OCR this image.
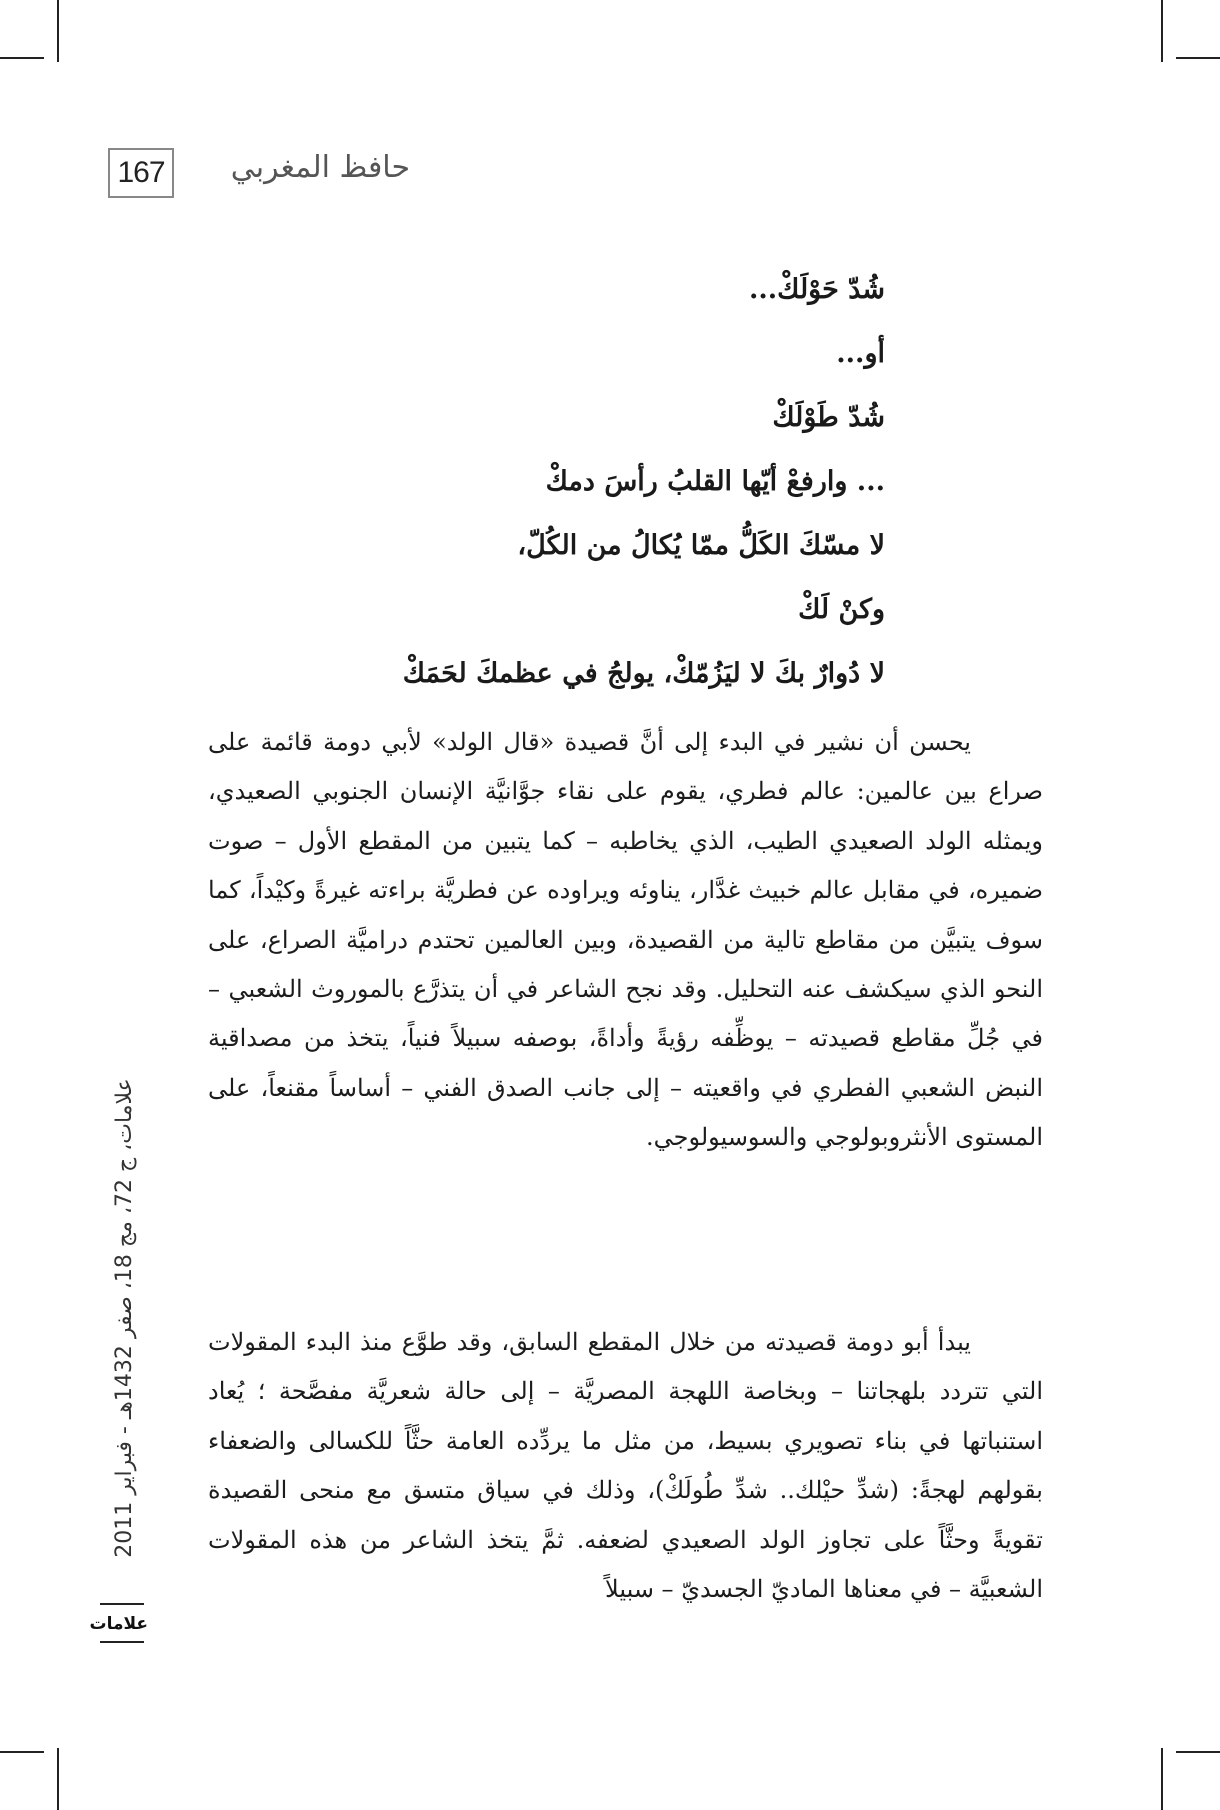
167	حافظ المغربي
شُدّ حَوْلَكْ...
أو...
شُدّ طَوْلَكْ
... وارفعْ أيّها القلبُ رأسَ دمكْ
لا مسّكَ الكَلُّ ممّا يُكالُ من الكُلّ،
وكنْ لَكْ
لا دُوارٌ بكَ لا ليَزُمّكْ، يولجُ في عظمكَ لحَمَكْ

يحسن أن نشير في البدء إلى أنَّ قصيدة «قال الولد» لأبي دومة قائمة على صراع بين عالمين: عالم فطري، يقوم على نقاء جوَّانيَّة الإنسان الجنوبي الصعيدي، ويمثله الولد الصعيدي الطيب، الذي يخاطبه – كما يتبين من المقطع الأول – صوت ضميره، في مقابل عالم خبيث غدَّار، يناوئه ويراوده عن فطريَّة براءته غيرةً وكيْداً، كما سوف يتبيَّن من مقاطع تالية من القصيدة، وبين العالمين تحتدم دراميَّة الصراع، على النحو الذي سيكشف عنه التحليل. وقد نجح الشاعر في أن يتذرَّع بالموروث الشعبي – في جُلِّ مقاطع قصيدته – يوظِّفه رؤيةً وأداةً، بوصفه سبيلاً فنياً، يتخذ من مصداقية النبض الشعبي الفطري في واقعيته – إلى جانب الصدق الفني – أساساً مقنعاً، على المستوى الأنثروبولوجي والسوسيولوجي.

يبدأ أبو دومة قصيدته من خلال المقطع السابق، وقد طوَّع منذ البدء المقولات التي تتردد بلهجاتنا – وبخاصة اللهجة المصريَّة – إلى حالة شعريَّة مفصَّحة ؛ يُعاد استنباتها في بناء تصويري بسيط، من مثل ما يردِّده العامة حثَّاً للكسالى والضعفاء بقولهم لهجةً: (شدِّ حيْلك.. شدِّ طُولَكْ)، وذلك في سياق متسق مع منحى القصيدة تقويةً وحثَّاً على تجاوز الولد الصعيدي لضعفه. ثمَّ يتخذ الشاعر من هذه المقولات الشعبيَّة – في معناها الماديّ الجسديّ – سبيلاً

علامات، ج 72، مج 18، صفر 1432هـ - فبراير 2011
علامات
